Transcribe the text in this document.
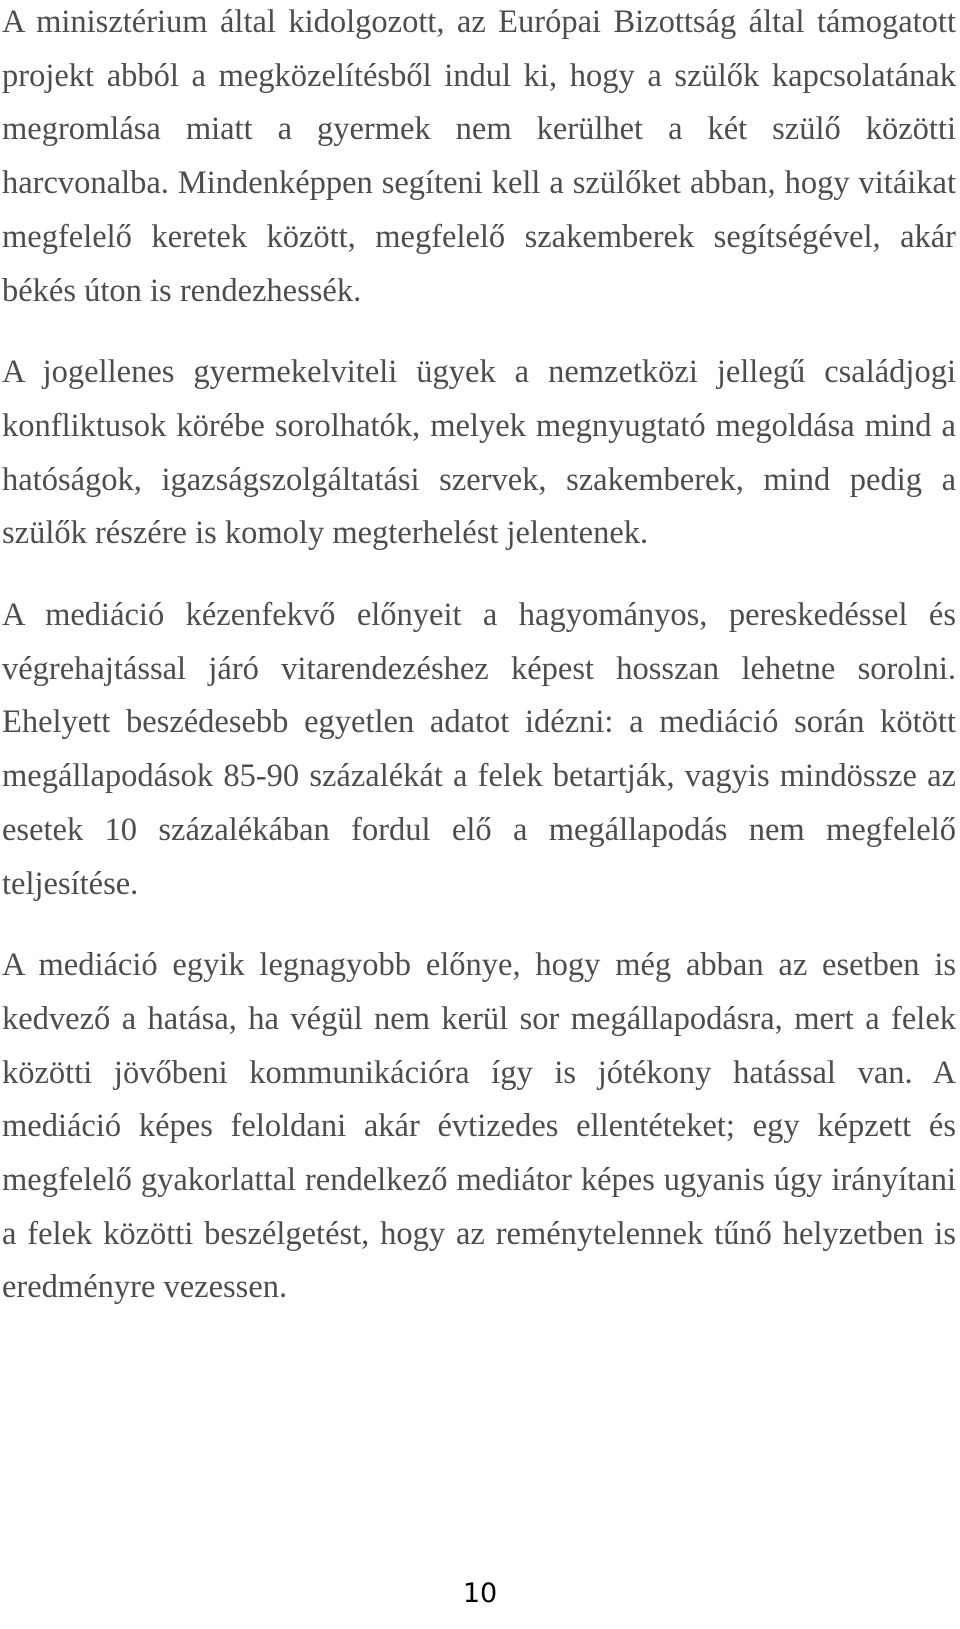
A minisztérium által kidolgozott, az Európai Bizottság által támogatott projekt abból a megközelítésből indul ki, hogy a szülők kapcsolatának megromlása miatt a gyermek nem kerülhet a két szülő közötti harcvonalba. Mindenképpen segíteni kell a szülőket abban, hogy vitáikat megfelelő keretek között, megfelelő szakemberek segítségével, akár békés úton is rendezhessék.

A jogellenes gyermekelviteli ügyek a nemzetközi jellegű családjogi konfliktusok körébe sorolhatók, melyek megnyugtató megoldása mind a hatóságok, igazságszolgáltatási szervek, szakemberek, mind pedig a szülők részére is komoly megterhelést jelentenek.

A mediáció kézenfekvő előnyeit a hagyományos, pereskedéssel és végrehajtással járó vitarendezéshez képest hosszan lehetne sorolni. Ehelyett beszédesebb egyetlen adatot idézni: a mediáció során kötött megállapodások 85-90 százalékát a felek betartják, vagyis mindössze az esetek 10 százalékában fordul elő a megállapodás nem megfelelő teljesítése.

A mediáció egyik legnagyobb előnye, hogy még abban az esetben is kedvező a hatása, ha végül nem kerül sor megállapodásra, mert a felek közötti jövőbeni kommunikációra így is jótékony hatással van. A mediáció képes feloldani akár évtizedes ellentéteket; egy képzett és megfelelő gyakorlattal rendelkező mediátor képes ugyanis úgy irányítani a felek közötti beszélgetést, hogy az reménytelennek tűnő helyzetben is eredményre vezessen.

10
